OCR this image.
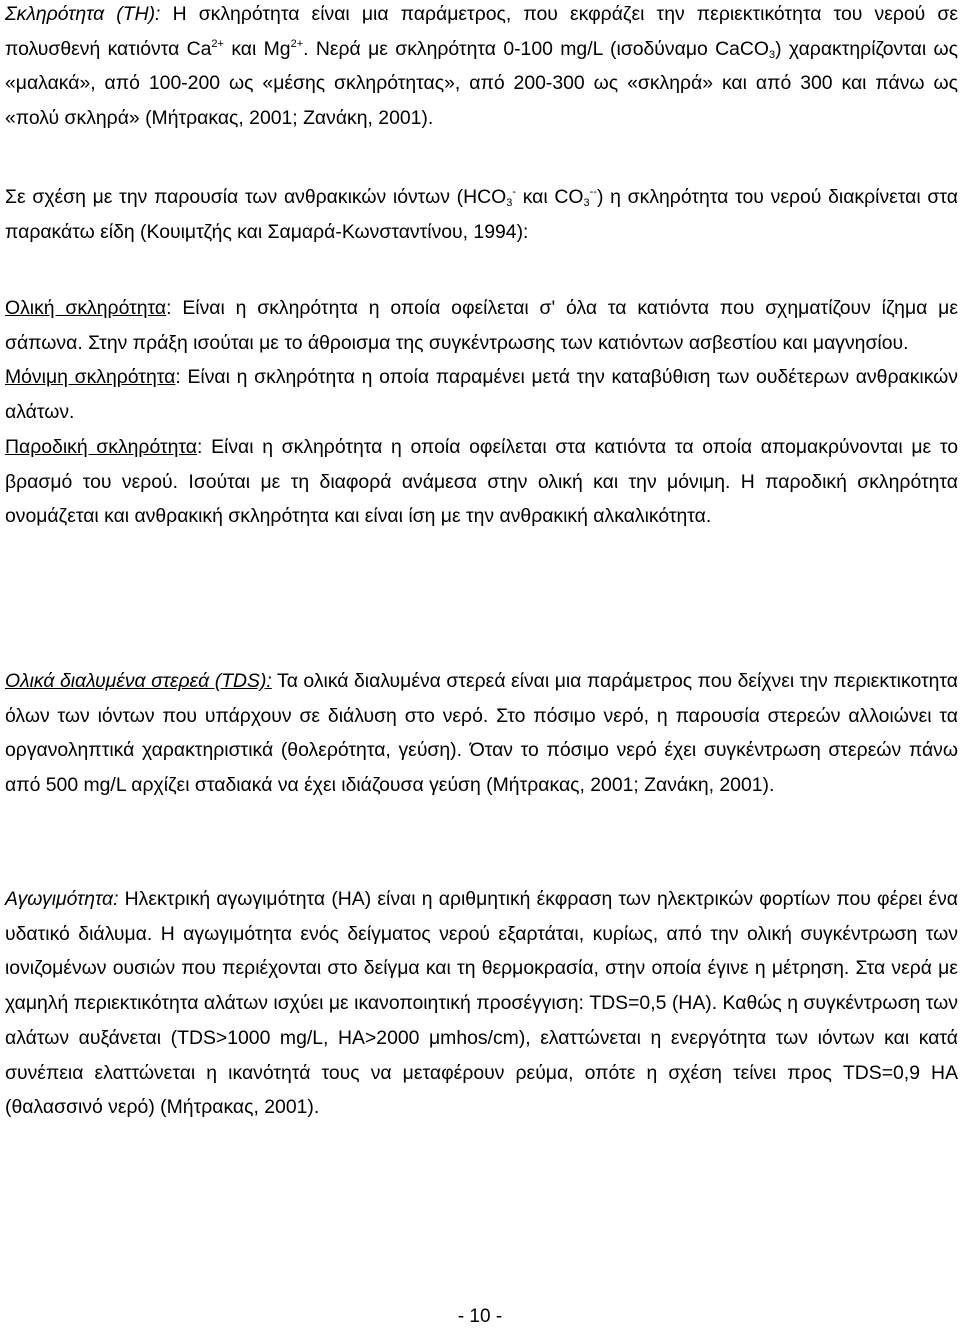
Σκληρότητα (ΤΗ): Η σκληρότητα είναι μια παράμετρος, που εκφράζει την περιεκτικότητα του νερού σε πολυσθενή κατιόντα $Ca^{2+}$ και $Mg^{2+}$. Νερά με σκληρότητα 0-100 mg/L (ισοδύναμο CaCO$_3$) χαρακτηρίζονται ως «μαλακά», από 100-200 ως «μέσης σκληρότητας», από 200-300 ως «σκληρά» και από 300 και πάνω ως «πολύ σκληρά» (Μήτρακας, 2001; Ζανάκη, 2001).

Σε σχέση με την παρουσία των ανθρακικών ιόντων ($HCO_3^-$ και $CO_3^{--}$) η σκληρότητα του νερού διακρίνεται στα παρακάτω είδη (Κουιμτζής και Σαμαρά-Κωνσταντίνου, 1994):

Ολική σκληρότητα: Είναι η σκληρότητα η οποία οφείλεται σ' όλα τα κατιόντα που σχηματίζουν ίζημα με σάπωνα. Στην πράξη ισούται με το άθροισμα της συγκέντρωσης των κατιόντων ασβεστίου και μαγνησίου.
Μόνιμη σκληρότητα: Είναι η σκληρότητα η οποία παραμένει μετά την καταβύθιση των ουδέτερων ανθρακικών αλάτων.
Παροδική σκληρότητα: Είναι η σκληρότητα η οποία οφείλεται στα κατιόντα τα οποία απομακρύνονται με το βρασμό του νερού. Ισούται με τη διαφορά ανάμεσα στην ολική και την μόνιμη. Η παροδική σκληρότητα ονομάζεται και ανθρακική σκληρότητα και είναι ίση με την ανθρακική αλκαλικότητα.

Ολικά διαλυμένα στερεά (TDS): Τα ολικά διαλυμένα στερεά είναι μια παράμετρος που δείχνει την περιεκτικοτητα όλων των ιόντων που υπάρχουν σε διάλυση στο νερό. Στο πόσιμο νερό, η παρουσία στερεών αλλοιώνει τα οργανοληπτικά χαρακτηριστικά (θολερότητα, γεύση). Όταν το πόσιμο νερό έχει συγκέντρωση στερεών πάνω από 500 mg/L αρχίζει σταδιακά να έχει ιδιάζουσα γεύση (Μήτρακας, 2001; Ζανάκη, 2001).

Αγωγιμότητα: Ηλεκτρική αγωγιμότητα (ΗΑ) είναι η αριθμητική έκφραση των ηλεκτρικών φορτίων που φέρει ένα υδατικό διάλυμα. Η αγωγιμότητα ενός δείγματος νερού εξαρτάται, κυρίως, από την ολική συγκέντρωση των ιονιζομένων ουσιών που περιέχονται στο δείγμα και τη θερμοκρασία, στην οποία έγινε η μέτρηση. Στα νερά με χαμηλή περιεκτικότητα αλάτων ισχύει με ικανοποιητική προσέγγιση: TDS=0,5 (ΗΑ). Καθώς η συγκέντρωση των αλάτων αυξάνεται (TDS>1000 mg/L, ΗΑ>2000 μmhos/cm), ελαττώνεται η ενεργότητα των ιόντων και κατά συνέπεια ελαττώνεται η ικανότητά τους να μεταφέρουν ρεύμα, οπότε η σχέση τείνει προς TDS=0,9 ΗΑ (θαλασσινό νερό) (Μήτρακας, 2001).

- 10 -
